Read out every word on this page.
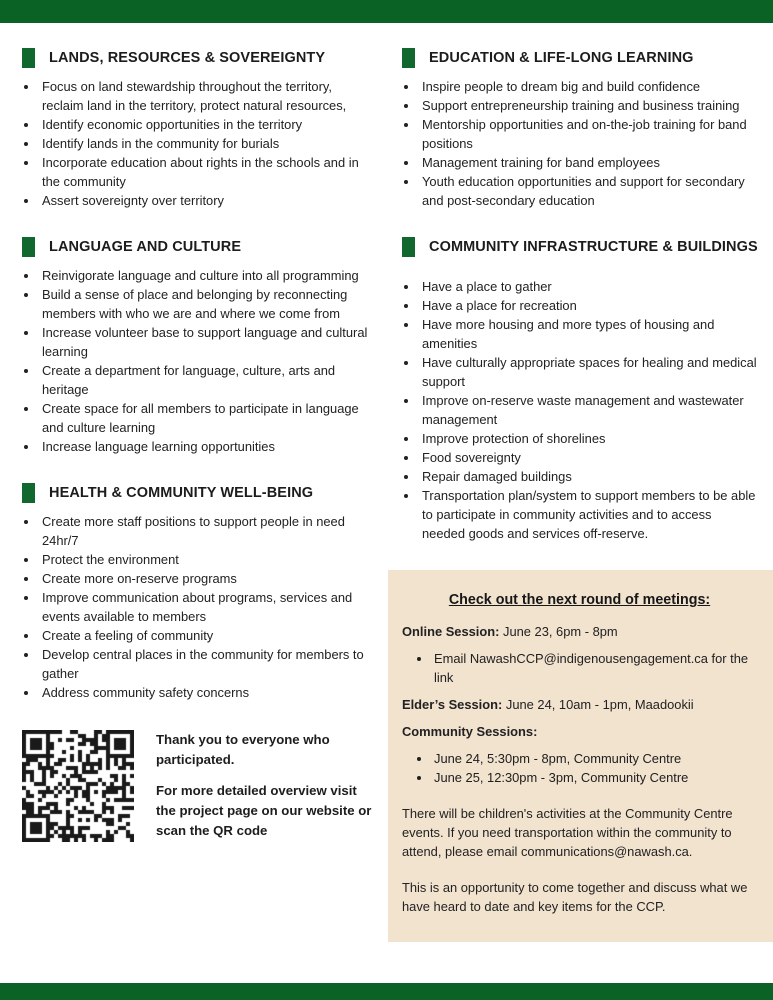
LANDS, RESOURCES & SOVEREIGNTY
• Focus on land stewardship throughout the territory, reclaim land in the territory, protect natural resources,
• Identify economic opportunities in the territory
• Identify lands in the community for burials
• Incorporate education about rights in the schools and in the community
• Assert sovereignty over territory
LANGUAGE AND CULTURE
• Reinvigorate language and culture into all programming
• Build a sense of place and belonging by reconnecting members with who we are and where we come from
• Increase volunteer base to support language and cultural learning
• Create a department for language, culture, arts and heritage
• Create space for all members to participate in language and culture learning
• Increase language learning opportunities
HEALTH & COMMUNITY WELL-BEING
• Create more staff positions to support people in need 24hr/7
• Protect the environment
• Create more on-reserve programs
• Improve communication about programs, services and events available to members
• Create a feeling of community
• Develop central places in the community for members to gather
• Address community safety concerns

Thank you to everyone who participated.

For more detailed overview visit the project page on our website or scan the QR code

EDUCATION & LIFE-LONG LEARNING
• Inspire people to dream big and build confidence
• Support entrepreneurship training and business training
• Mentorship opportunities and on-the-job training for band positions
• Management training for band employees
• Youth education opportunities and support for secondary and post-secondary education
COMMUNITY INFRASTRUCTURE & BUILDINGS
• Have a place to gather
• Have a place for recreation
• Have more housing and more types of housing and amenities
• Have culturally appropriate spaces for healing and medical support
• Improve on-reserve waste management and wastewater management
• Improve protection of shorelines
• Food sovereignty
• Repair damaged buildings
• Transportation plan/system to support members to be able to participate in community activities and to access needed goods and services off-reserve.
Check out the next round of meetings:

Online Session: June 23, 6pm - 8pm

• Email NawashCCP@indigenousengagement.ca for the link

Elder’s Session: June 24, 10am - 1pm, Maadookii

Community Sessions:

• June 24, 5:30pm - 8pm, Community Centre
• June 25, 12:30pm - 3pm, Community Centre

There will be children's activities at the Community Centre events. If you need transportation within the community to attend, please email communications@nawash.ca.

This is an opportunity to come together and discuss what we have heard to date and key items for the CCP.
